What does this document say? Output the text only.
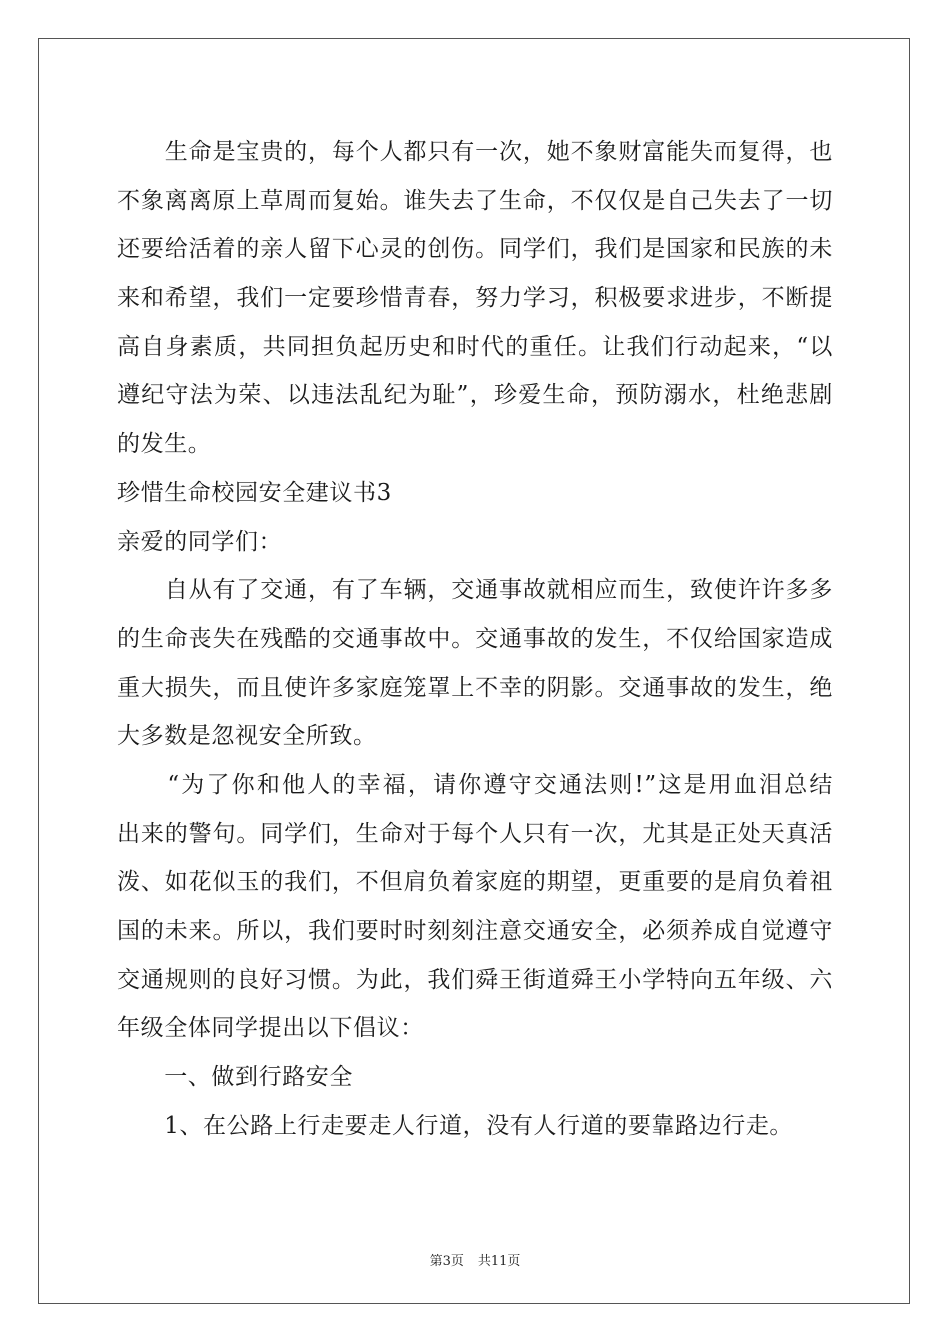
　　生命是宝贵的，每个人都只有一次，她不象财富能失而复得，也
不象离离原上草周而复始。谁失去了生命，不仅仅是自己失去了一切
还要给活着的亲人留下心灵的创伤。同学们，我们是国家和民族的未
来和希望，我们一定要珍惜青春，努力学习，积极要求进步，不断提
高自身素质，共同担负起历史和时代的重任。让我们行动起来，“以
遵纪守法为荣、以违法乱纪为耻”，珍爱生命，预防溺水，杜绝悲剧
的发生。
珍惜生命校园安全建议书3
亲爱的同学们：
　　自从有了交通，有了车辆，交通事故就相应而生，致使许许多多
的生命丧失在残酷的交通事故中。交通事故的发生，不仅给国家造成
重大损失，而且使许多家庭笼罩上不幸的阴影。交通事故的发生，绝
大多数是忽视安全所致。
　　“为了你和他人的幸福，请你遵守交通法则!”这是用血泪总结
出来的警句。同学们，生命对于每个人只有一次，尤其是正处天真活
泼、如花似玉的我们，不但肩负着家庭的期望，更重要的是肩负着祖
国的未来。所以，我们要时时刻刻注意交通安全，必须养成自觉遵守
交通规则的良好习惯。为此，我们舜王街道舜王小学特向五年级、六
年级全体同学提出以下倡议：
　　一、做到行路安全
　　1、在公路上行走要走人行道，没有人行道的要靠路边行走。
第3页 共11页
